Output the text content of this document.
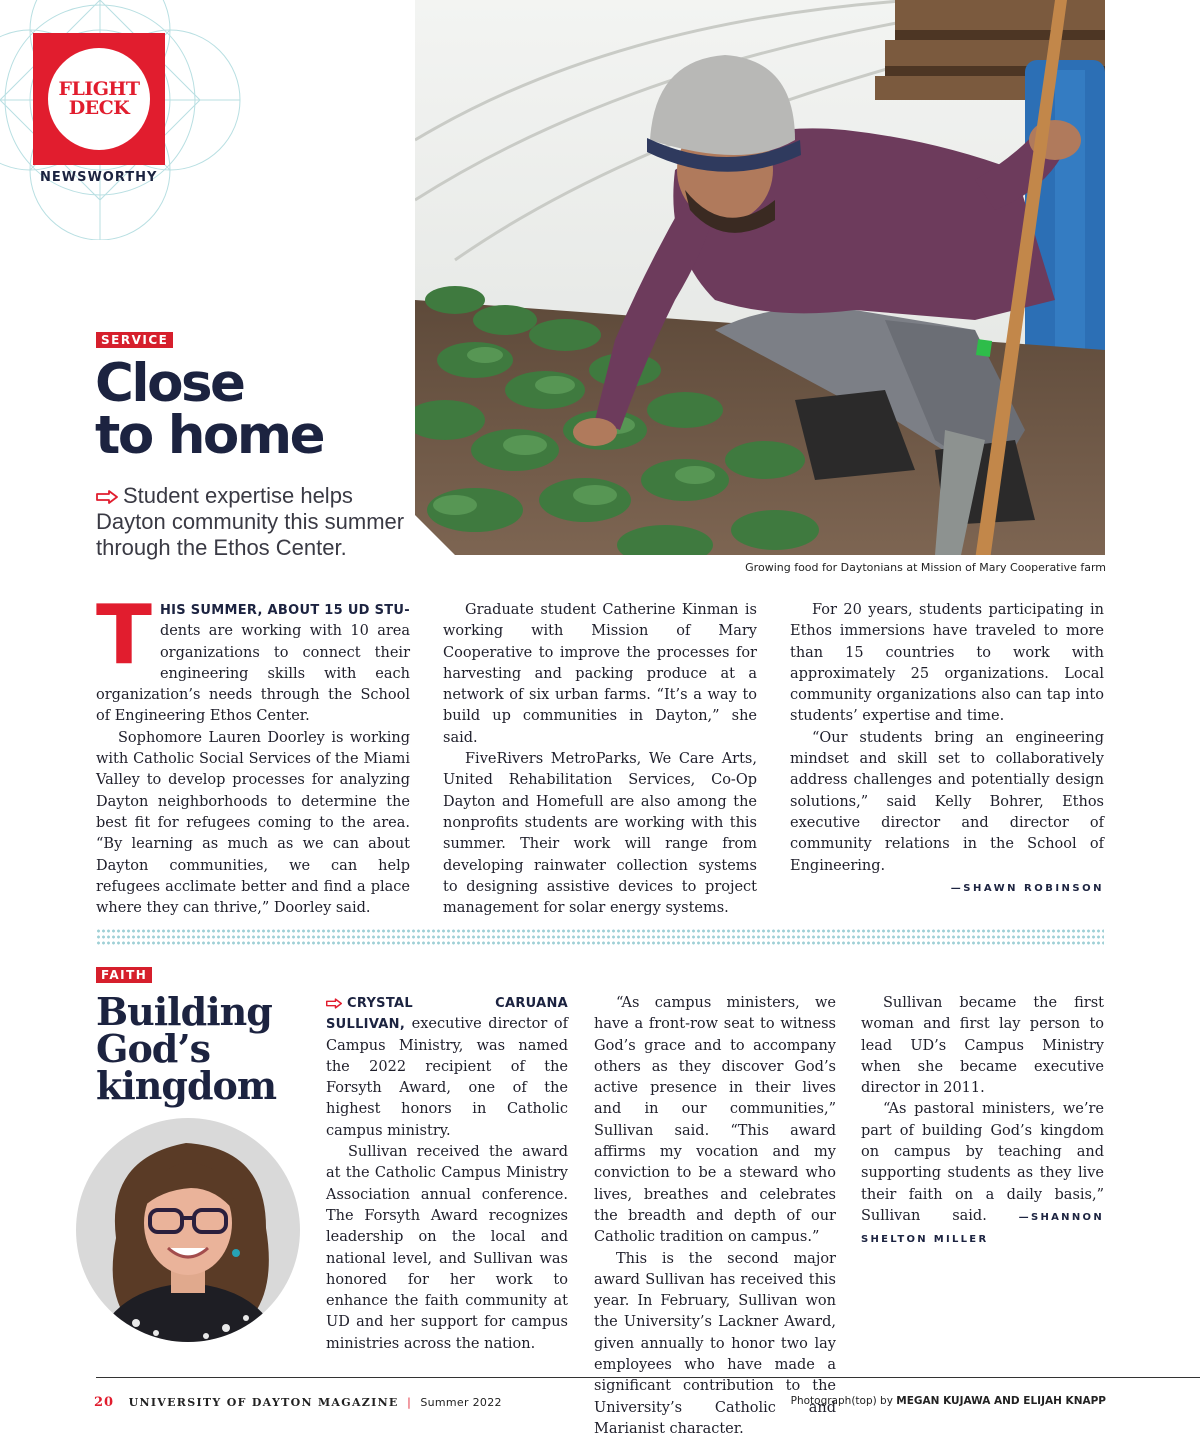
FLIGHT
DECK
NEWSWORTHY
Growing food for Daytonians at Mission of Mary Cooperative farm
SERVICE
Close
to home
Student expertise helps Dayton community this summer through the Ethos Center.

THIS SUMMER, ABOUT 15 UD STU- dents are working with 10 area organizations to connect their engineering skills with each organization’s needs through the School of Engineering Ethos Center.

Sophomore Lauren Doorley is working with Catholic Social Services of the Miami Valley to develop processes for analyzing Dayton neighborhoods to determine the best fit for refugees coming to the area. “By learning as much as we can about Dayton communities, we can help refugees acclimate better and find a place where they can thrive,” Doorley said.

Graduate student Catherine Kinman is working with Mission of Mary Cooperative to improve the processes for harvesting and packing produce at a network of six urban farms. “It’s a way to build up communities in Dayton,” she said.

FiveRivers MetroParks, We Care Arts, United Rehabilitation Services, Co-Op Dayton and Homefull are also among the nonprofits students are working with this summer. Their work will range from developing rainwater collection systems to designing assistive devices to project management for solar energy systems.

For 20 years, students participating in Ethos immersions have traveled to more than 15 countries to work with approximately 25 organizations. Local community organizations also can tap into students’ expertise and time.

“Our students bring an engineering mindset and skill set to collaboratively address challenges and potentially design solutions,” said Kelly Bohrer, Ethos executive director and director of community relations in the School of Engineering.

—SHAWN ROBINSON
FAITH
Building
God’s
kingdom

CRYSTAL CARUANA SULLIVAN, executive director of Campus Ministry, was named the 2022 recipient of the Forsyth Award, one of the highest honors in Catholic campus ministry.

Sullivan received the award at the Catholic Campus Ministry Association annual conference. The Forsyth Award recognizes leadership on the local and national level, and Sullivan was honored for her work to enhance the faith community at UD and her support for campus ministries across the nation.

“As campus ministers, we have a front-row seat to witness God’s grace and to accompany others as they discover God’s active presence in their lives and in our communities,” Sullivan said. “This award affirms my vocation and my conviction to be a steward who lives, breathes and celebrates the breadth and depth of our Catholic tradition on campus.”

This is the second major award Sullivan has received this year. In February, Sullivan won the University’s Lackner Award, given annually to honor two lay employees who have made a significant contribution to the University’s Catholic and Marianist character.

Sullivan became the first woman and first lay person to lead UD’s Campus Ministry when she became executive director in 2011.

“As pastoral ministers, we’re part of building God’s kingdom on campus by teaching and supporting students as they live their faith on a daily basis,” Sullivan said.	—SHANNON SHELTON MILLER

20 UNIVERSITY OF DAYTON MAGAZINE | Summer 2022	Photograph(top) by MEGAN KUJAWA AND ELIJAH KNAPP
